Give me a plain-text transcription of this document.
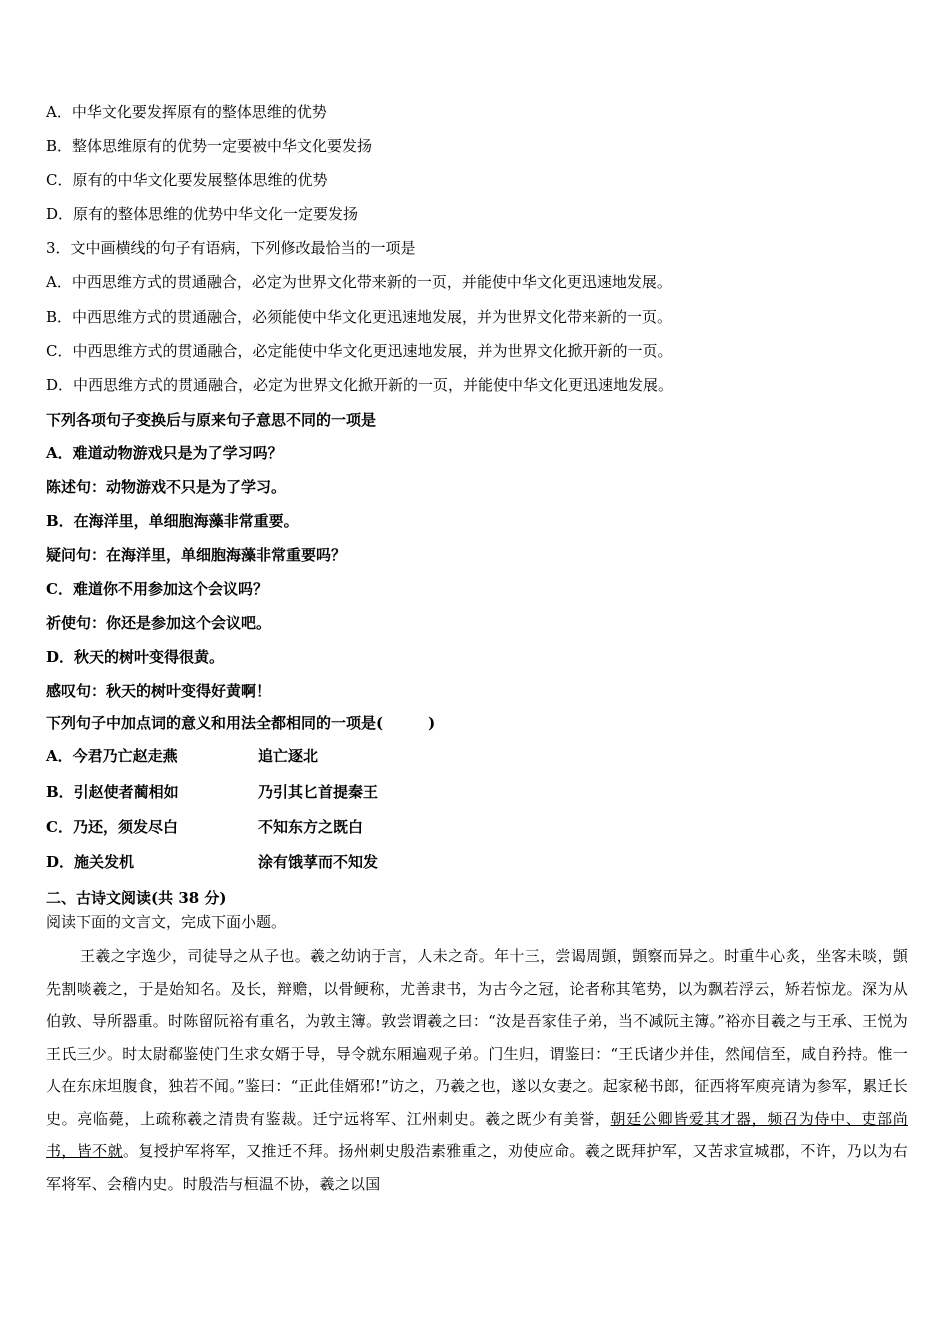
A．中华文化要发挥原有的整体思维的优势
B．整体思维原有的优势一定要被中华文化要发扬
C．原有的中华文化要发展整体思维的优势
D．原有的整体思维的优势中华文化一定要发扬
3．文中画横线的句子有语病，下列修改最恰当的一项是
A．中西思维方式的贯通融合，必定为世界文化带来新的一页，并能使中华文化更迅速地发展。
B．中西思维方式的贯通融合，必须能使中华文化更迅速地发展，并为世界文化带来新的一页。
C．中西思维方式的贯通融合，必定能使中华文化更迅速地发展，并为世界文化掀开新的一页。
D．中西思维方式的贯通融合，必定为世界文化掀开新的一页，并能使中华文化更迅速地发展。
下列各项句子变换后与原来句子意思不同的一项是
A．难道动物游戏只是为了学习吗？
陈述句：动物游戏不只是为了学习。
B．在海洋里，单细胞海藻非常重要。
疑问句：在海洋里，单细胞海藻非常重要吗？
C．难道你不用参加这个会议吗？
祈使句：你还是参加这个会议吧。
D．秋天的树叶变得很黄。
感叹句：秋天的树叶变得好黄啊！
下列句子中加点词的意义和用法全都相同的一项是(　　　)
A．今君乃亡赵走燕	追亡逐北
B．引赵使者蔺相如	乃引其匕首提秦王
C．乃还，须发尽白	不知东方之既白
D．施关发机	涂有饿莩而不知发
二、古诗文阅读(共 38 分)
阅读下面的文言文，完成下面小题。
王羲之字逸少，司徒导之从子也。羲之幼讷于言，人未之奇。年十三，尝谒周顗，顗察而异之。时重牛心炙，坐客未啖，顗先割啖羲之，于是始知名。及长，辩赡，以骨鲠称，尤善隶书，为古今之冠，论者称其笔势，以为飘若浮云，矫若惊龙。深为从伯敦、导所器重。时陈留阮裕有重名，为敦主簿。敦尝谓羲之曰：“汝是吾家佳子弟，当不减阮主簿。”裕亦目羲之与王承、王悦为王氏三少。时太尉郗鉴使门生求女婿于导，导令就东厢遍观子弟。门生归，谓鉴曰：“王氏诸少并佳，然闻信至，咸自矜持。惟一人在东床坦腹食，独若不闻。”鉴曰：“正此佳婿邪!”访之，乃羲之也，遂以女妻之。起家秘书郎，征西将军庾亮请为参军，累迁长史。亮临薨，上疏称羲之清贵有鉴裁。迁宁远将军、江州刺史。羲之既少有美誉，朝廷公卿皆爱其才器，频召为侍中、吏部尚书，皆不就。复授护军将军，又推迁不拜。扬州刺史殷浩素雅重之，劝使应命。羲之既拜护军，又苦求宣城郡，不许，乃以为右军将军、会稽内史。时殷浩与桓温不协，羲之以国
